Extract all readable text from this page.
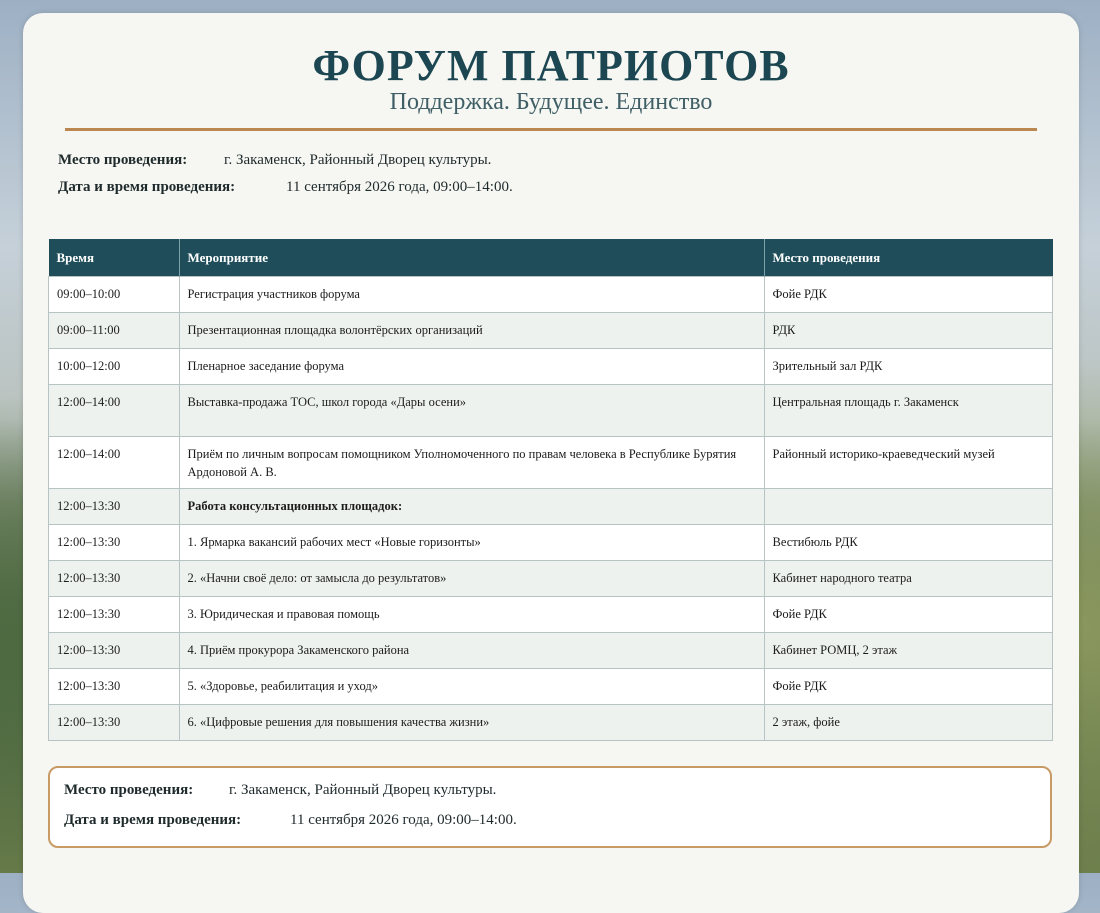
ФОРУМ ПАТРИОТОВ
Поддержка. Будущее. Единство
Место проведения: г. Закаменск, Районный Дворец культуры.
Дата и время проведения:	11 сентября 2026 года, 09:00–14:00.
Время	Мероприятие	Место проведения
09:00–10:00	Регистрация участников форума	Фойе РДК
09:00–11:00	Презентационная площадка волонтёрских организаций	РДК
10:00–12:00	Пленарное заседание форума	Зрительный зал РДК
12:00–14:00	Выставка-продажа ТОС, школ города «Дары осени»	Центральная площадь г. Закаменск
12:00–14:00	Приём по личным вопросам помощником Уполномоченного по правам человека в Республике Бурятия Ардоновой А. В.	Районный историко-краеведческий музей
12:00–13:30	Работа консультационных площадок:	
12:00–13:30	1. Ярмарка вакансий рабочих мест «Новые горизонты»	Вестибюль РДК
12:00–13:30	2. «Начни своё дело: от замысла до результатов»	Кабинет народного театра
12:00–13:30	3. Юридическая и правовая помощь	Фойе РДК
12:00–13:30	4. Приём прокурора Закаменского района	Кабинет РОМЦ, 2 этаж
12:00–13:30	5. «Здоровье, реабилитация и уход»	Фойе РДК
12:00–13:30	6. «Цифровые решения для повышения качества жизни»	2 этаж, фойе
Место проведения: г. Закаменск, Районный Дворец культуры.
Дата и время проведения:	11 сентября 2026 года, 09:00–14:00.
